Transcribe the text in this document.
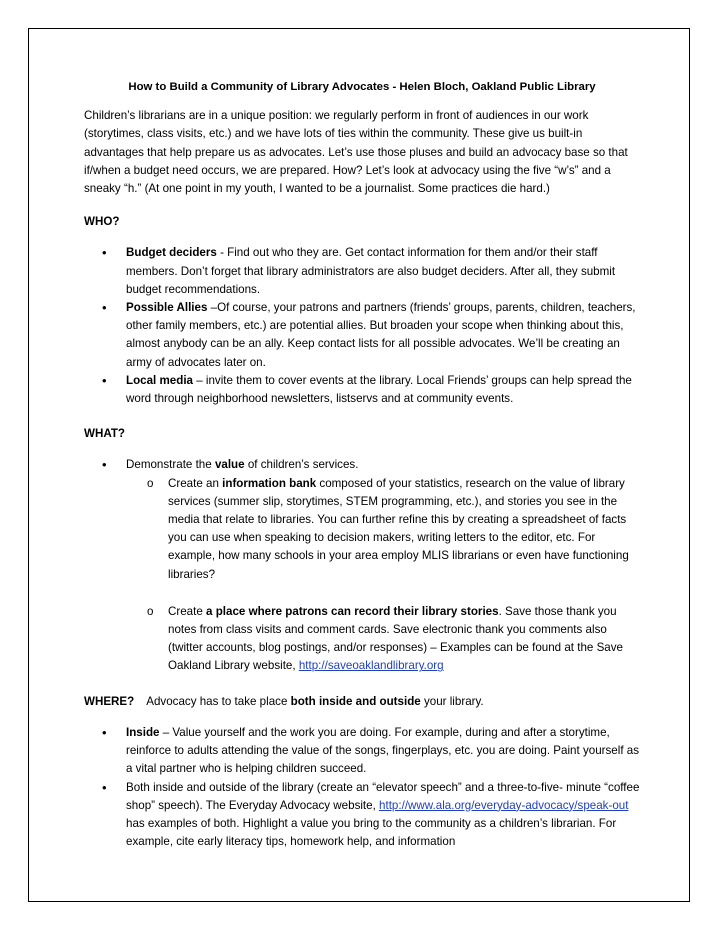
How to Build a Community of Library Advocates - Helen Bloch, Oakland Public Library

Children’s librarians are in a unique position: we regularly perform in front of audiences in our work (storytimes, class visits, etc.) and we have lots of ties within the community. These give us built-in advantages that help prepare us as advocates. Let’s use those pluses and build an advocacy base so that if/when a budget need occurs, we are prepared. How? Let’s look at advocacy using the five “w’s” and a sneaky “h.” (At one point in my youth, I wanted to be a journalist. Some practices die hard.)

WHO?

• Budget deciders - Find out who they are. Get contact information for them and/or their staff members. Don’t forget that library administrators are also budget deciders. After all, they submit budget recommendations.
• Possible Allies –Of course, your patrons and partners (friends’ groups, parents, children, teachers, other family members, etc.) are potential allies. But broaden your scope when thinking about this, almost anybody can be an ally. Keep contact lists for all possible advocates. We’ll be creating an army of advocates later on.
• Local media – invite them to cover events at the library. Local Friends’ groups can help spread the word through neighborhood newsletters, listservs and at community events.

WHAT?

• Demonstrate the value of children’s services.
o Create an information bank composed of your statistics, research on the value of library services (summer slip, storytimes, STEM programming, etc.), and stories you see in the media that relate to libraries. You can further refine this by creating a spreadsheet of facts you can use when speaking to decision makers, writing letters to the editor, etc. For example, how many schools in your area employ MLIS librarians or even have functioning libraries?
o Create a place where patrons can record their library stories. Save those thank you notes from class visits and comment cards. Save electronic thank you comments also (twitter accounts, blog postings, and/or responses) – Examples can be found at the Save Oakland Library website, http://saveoaklandlibrary.org

WHERE? Advocacy has to take place both inside and outside your library.

• Inside – Value yourself and the work you are doing. For example, during and after a storytime, reinforce to adults attending the value of the songs, fingerplays, etc. you are doing. Paint yourself as a vital partner who is helping children succeed.
• Both inside and outside of the library (create an “elevator speech” and a three-to-five- minute “coffee shop” speech). The Everyday Advocacy website, http://www.ala.org/everyday-advocacy/speak-out has examples of both. Highlight a value you bring to the community as a children’s librarian. For example, cite early literacy tips, homework help, and information
